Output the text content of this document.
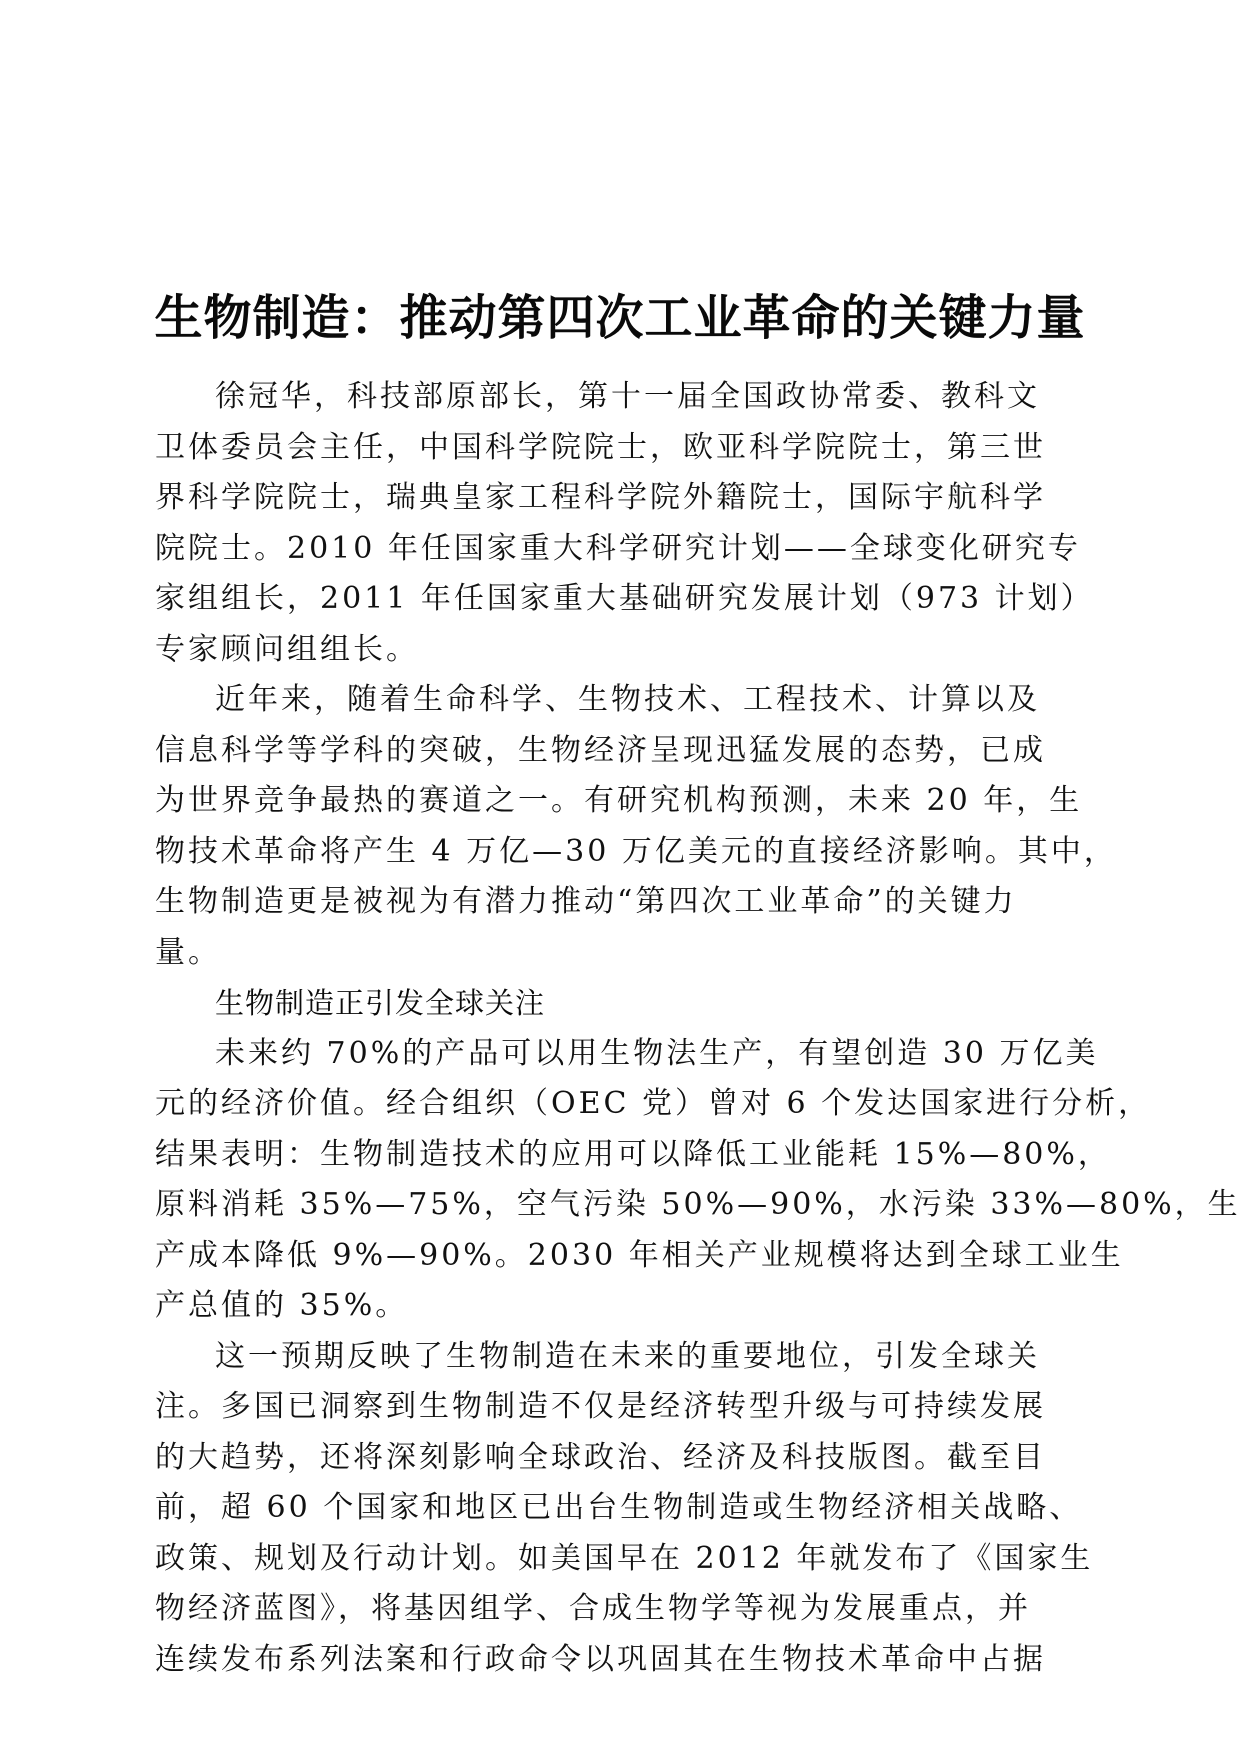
生物制造：推动第四次工业革命的关键力量
徐冠华，科技部原部长，第十一届全国政协常委、教科文
卫体委员会主任，中国科学院院士，欧亚科学院院士，第三世
界科学院院士，瑞典皇家工程科学院外籍院士，国际宇航科学
院院士。2010 年任国家重大科学研究计划——全球变化研究专
家组组长，2011 年任国家重大基础研究发展计划（973 计划）
专家顾问组组长。
近年来，随着生命科学、生物技术、工程技术、计算以及
信息科学等学科的突破，生物经济呈现迅猛发展的态势，已成
为世界竞争最热的赛道之一。有研究机构预测，未来 20 年，生
物技术革命将产生 4 万亿—30 万亿美元的直接经济影响。其中，
生物制造更是被视为有潜力推动“第四次工业革命”的关键力
量。
生物制造正引发全球关注
未来约 70%的产品可以用生物法生产，有望创造 30 万亿美
元的经济价值。经合组织（OEC 党）曾对 6 个发达国家进行分析，
结果表明：生物制造技术的应用可以降低工业能耗 15%—80%，
原料消耗 35%—75%，空气污染 50%—90%，水污染 33%—80%，生
产成本降低 9%—90%。2030 年相关产业规模将达到全球工业生
产总值的 35%。
这一预期反映了生物制造在未来的重要地位，引发全球关
注。多国已洞察到生物制造不仅是经济转型升级与可持续发展
的大趋势，还将深刻影响全球政治、经济及科技版图。截至目
前，超 60 个国家和地区已出台生物制造或生物经济相关战略、
政策、规划及行动计划。如美国早在 2012 年就发布了《国家生
物经济蓝图》，将基因组学、合成生物学等视为发展重点，并
连续发布系列法案和行政命令以巩固其在生物技术革命中占据
